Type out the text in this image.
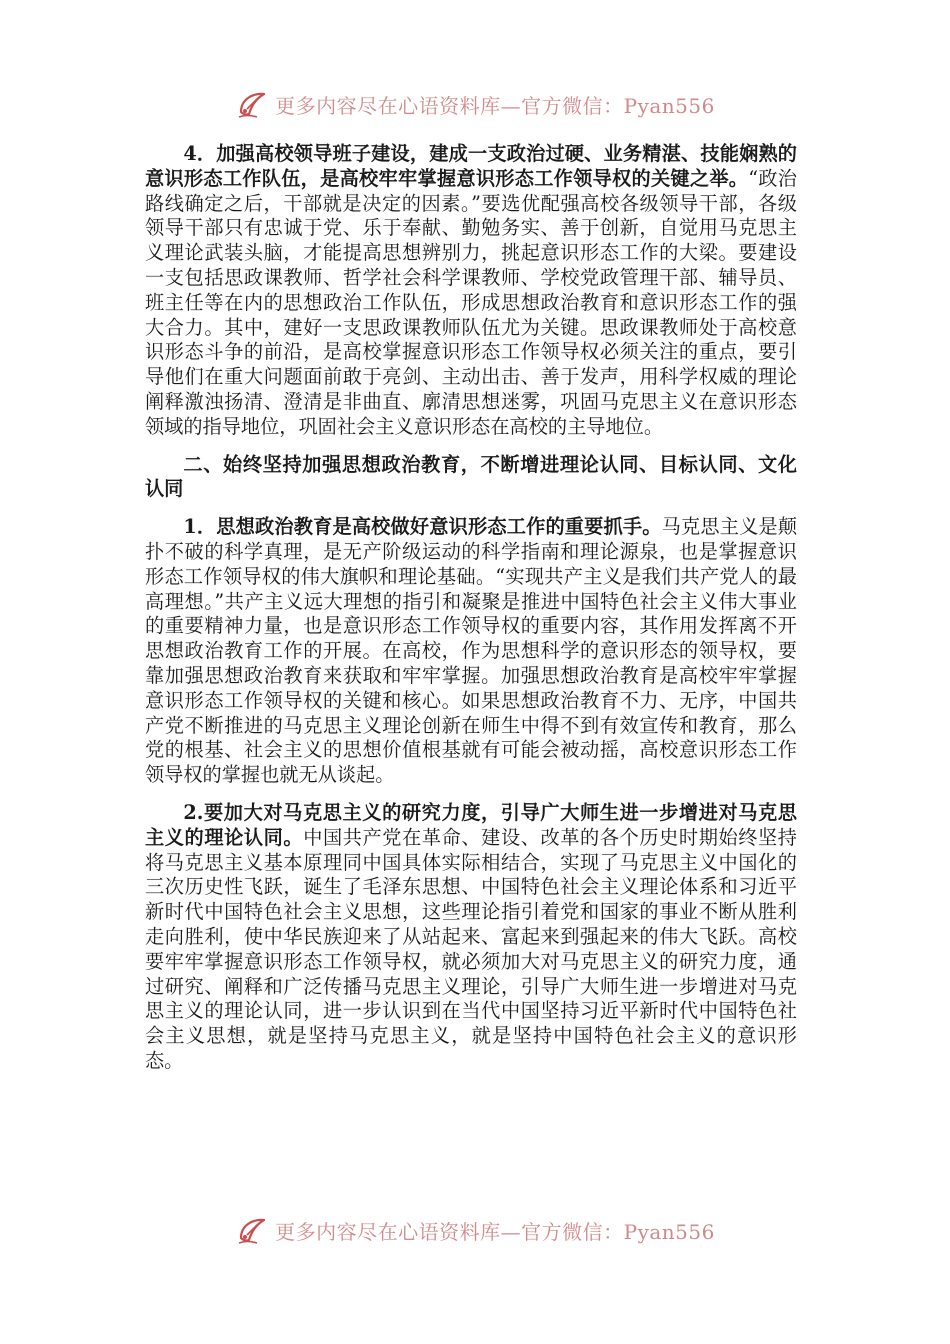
更多内容尽在心语资料库—官方微信：Pyan556

4．加强高校领导班子建设，建成一支政治过硬、业务精湛、技能娴熟的意识形态工作队伍，是高校牢牢掌握意识形态工作领导权的关键之举。“政治路线确定之后，干部就是决定的因素。”要选优配强高校各级领导干部，各级领导干部只有忠诚于党、乐于奉献、勤勉务实、善于创新，自觉用马克思主义理论武装头脑，才能提高思想辨别力，挑起意识形态工作的大梁。要建设一支包括思政课教师、哲学社会科学课教师、学校党政管理干部、辅导员、班主任等在内的思想政治工作队伍，形成思想政治教育和意识形态工作的强大合力。其中，建好一支思政课教师队伍尤为关键。思政课教师处于高校意识形态斗争的前沿，是高校掌握意识形态工作领导权必须关注的重点，要引导他们在重大问题面前敢于亮剑、主动出击、善于发声，用科学权威的理论阐释激浊扬清、澄清是非曲直、廓清思想迷雾，巩固马克思主义在意识形态领域的指导地位，巩固社会主义意识形态在高校的主导地位。

二、始终坚持加强思想政治教育，不断增进理论认同、目标认同、文化认同

1．思想政治教育是高校做好意识形态工作的重要抓手。马克思主义是颠扑不破的科学真理，是无产阶级运动的科学指南和理论源泉，也是掌握意识形态工作领导权的伟大旗帜和理论基础。“实现共产主义是我们共产党人的最高理想。”共产主义远大理想的指引和凝聚是推进中国特色社会主义伟大事业的重要精神力量，也是意识形态工作领导权的重要内容，其作用发挥离不开思想政治教育工作的开展。在高校，作为思想科学的意识形态的领导权，要靠加强思想政治教育来获取和牢牢掌握。加强思想政治教育是高校牢牢掌握意识形态工作领导权的关键和核心。如果思想政治教育不力、无序，中国共产党不断推进的马克思主义理论创新在师生中得不到有效宣传和教育，那么党的根基、社会主义的思想价值根基就有可能会被动摇，高校意识形态工作领导权的掌握也就无从谈起。

2.要加大对马克思主义的研究力度，引导广大师生进一步增进对马克思主义的理论认同。中国共产党在革命、建设、改革的各个历史时期始终坚持将马克思主义基本原理同中国具体实际相结合，实现了马克思主义中国化的三次历史性飞跃，诞生了毛泽东思想、中国特色社会主义理论体系和习近平新时代中国特色社会主义思想，这些理论指引着党和国家的事业不断从胜利走向胜利，使中华民族迎来了从站起来、富起来到强起来的伟大飞跃。高校要牢牢掌握意识形态工作领导权，就必须加大对马克思主义的研究力度，通过研究、阐释和广泛传播马克思主义理论，引导广大师生进一步增进对马克思主义的理论认同，进一步认识到在当代中国坚持习近平新时代中国特色社会主义思想，就是坚持马克思主义，就是坚持中国特色社会主义的意识形态。

更多内容尽在心语资料库—官方微信：Pyan556
